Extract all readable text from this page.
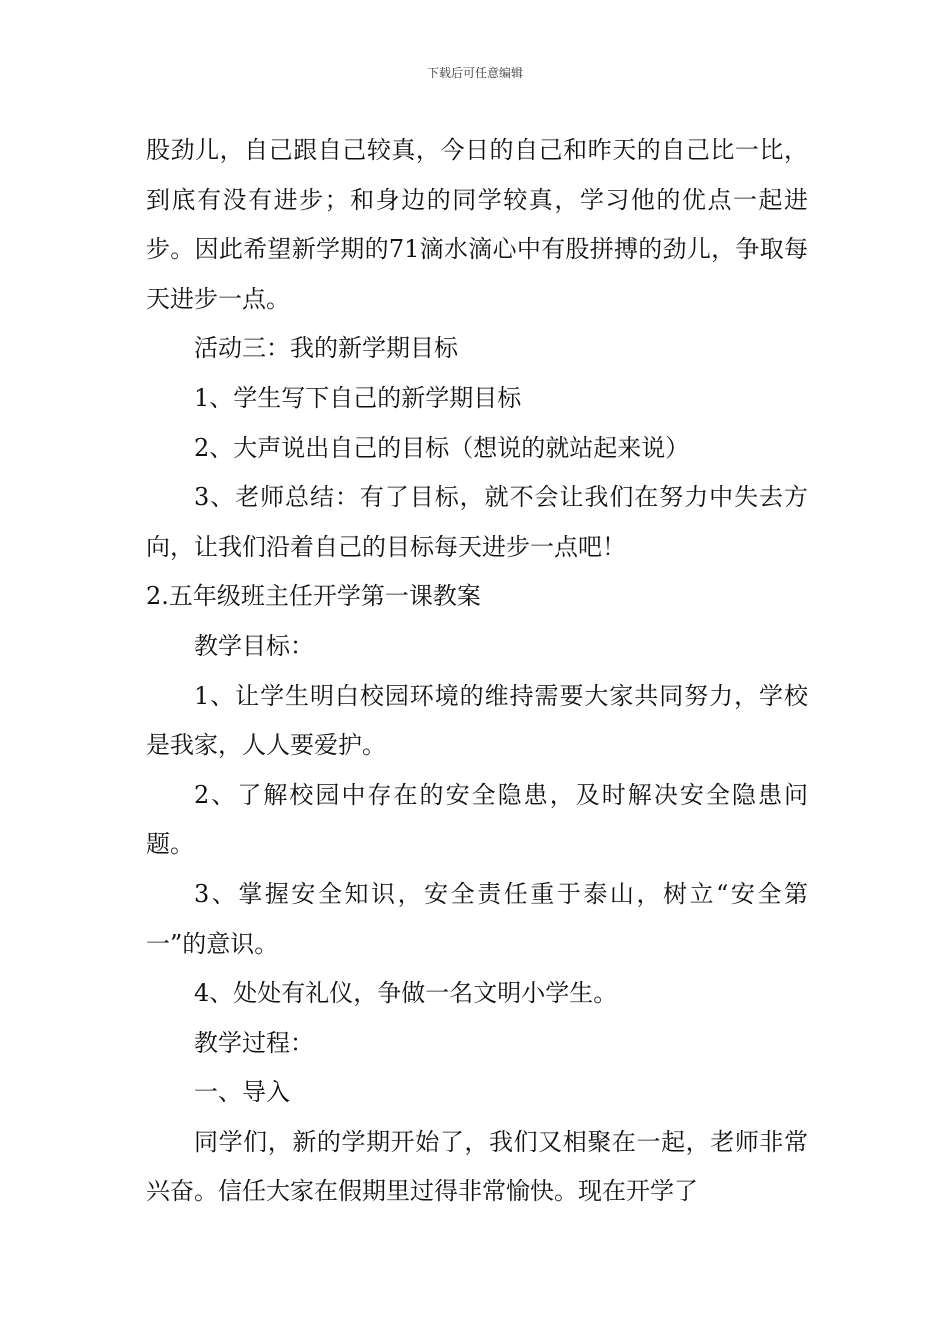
下载后可任意编辑

股劲儿，自己跟自己较真，今日的自己和昨天的自己比一比，到底有没有进步；和身边的同学较真，学习他的优点一起进步。因此希望新学期的71滴水滴心中有股拼搏的劲儿，争取每天进步一点。

活动三：我的新学期目标

1、学生写下自己的新学期目标

2、大声说出自己的目标（想说的就站起来说）

3、老师总结：有了目标，就不会让我们在努力中失去方向，让我们沿着自己的目标每天进步一点吧！

2.五年级班主任开学第一课教案

教学目标：

1、让学生明白校园环境的维持需要大家共同努力，学校是我家，人人要爱护。

2、了解校园中存在的安全隐患，及时解决安全隐患问题。

3、掌握安全知识，安全责任重于泰山，树立“安全第一”的意识。

4、处处有礼仪，争做一名文明小学生。

教学过程：

一、导入

同学们，新的学期开始了，我们又相聚在一起，老师非常兴奋。信任大家在假期里过得非常愉快。现在开学了
